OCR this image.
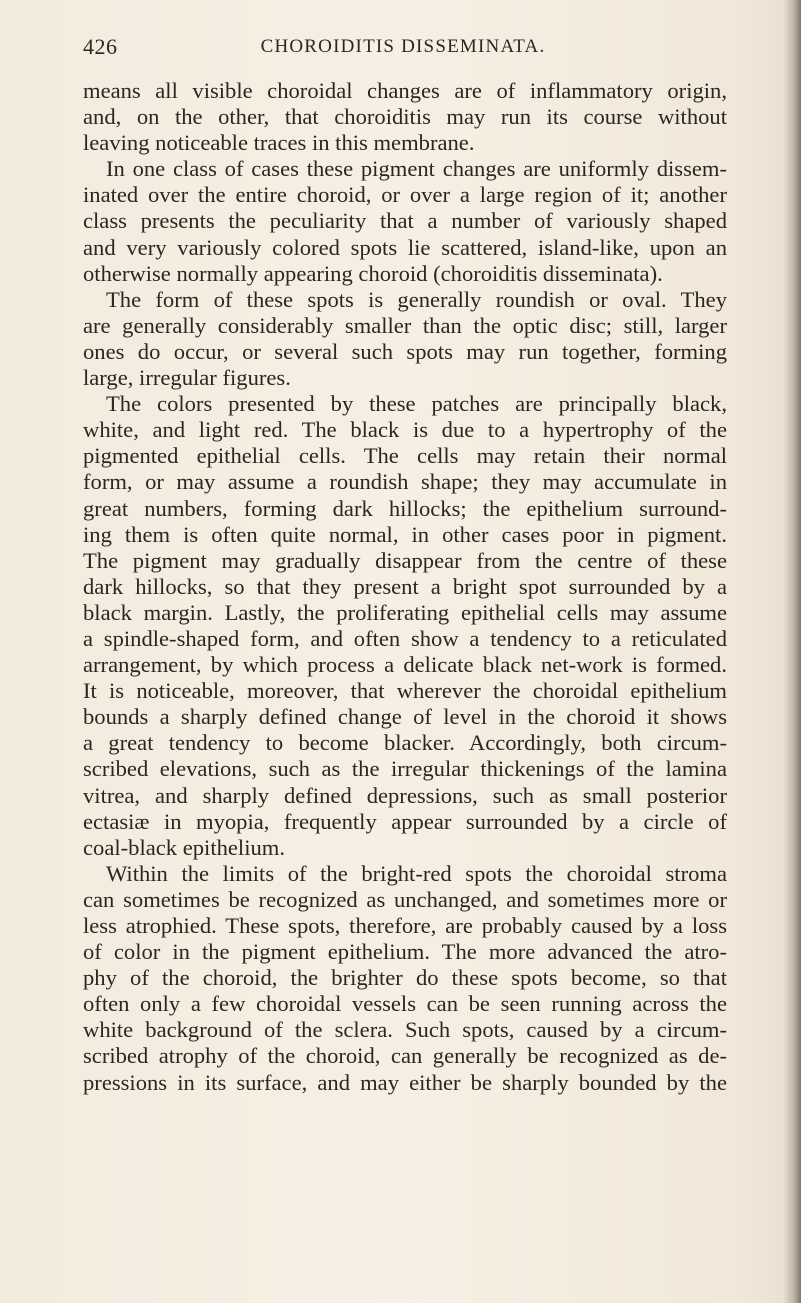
426	CHOROIDITIS DISSEMINATA.
means all visible choroidal changes are of inflammatory origin,
and, on the other, that choroiditis may run its course without
leaving noticeable traces in this membrane.
In one class of cases these pigment changes are uniformly dissem-
inated over the entire choroid, or over a large region of it; another
class presents the peculiarity that a number of variously shaped
and very variously colored spots lie scattered, island-like, upon an
otherwise normally appearing choroid (choroiditis disseminata).
The form of these spots is generally roundish or oval. They
are generally considerably smaller than the optic disc; still, larger
ones do occur, or several such spots may run together, forming
large, irregular figures.
The colors presented by these patches are principally black,
white, and light red. The black is due to a hypertrophy of the
pigmented epithelial cells. The cells may retain their normal
form, or may assume a roundish shape; they may accumulate in
great numbers, forming dark hillocks; the epithelium surround-
ing them is often quite normal, in other cases poor in pigment.
The pigment may gradually disappear from the centre of these
dark hillocks, so that they present a bright spot surrounded by a
black margin. Lastly, the proliferating epithelial cells may assume
a spindle-shaped form, and often show a tendency to a reticulated
arrangement, by which process a delicate black net-work is formed.
It is noticeable, moreover, that wherever the choroidal epithelium
bounds a sharply defined change of level in the choroid it shows
a great tendency to become blacker. Accordingly, both circum-
scribed elevations, such as the irregular thickenings of the lamina
vitrea, and sharply defined depressions, such as small posterior
ectasiæ in myopia, frequently appear surrounded by a circle of
coal-black epithelium.
Within the limits of the bright-red spots the choroidal stroma
can sometimes be recognized as unchanged, and sometimes more or
less atrophied. These spots, therefore, are probably caused by a loss
of color in the pigment epithelium. The more advanced the atro-
phy of the choroid, the brighter do these spots become, so that
often only a few choroidal vessels can be seen running across the
white background of the sclera. Such spots, caused by a circum-
scribed atrophy of the choroid, can generally be recognized as de-
pressions in its surface, and may either be sharply bounded by the
